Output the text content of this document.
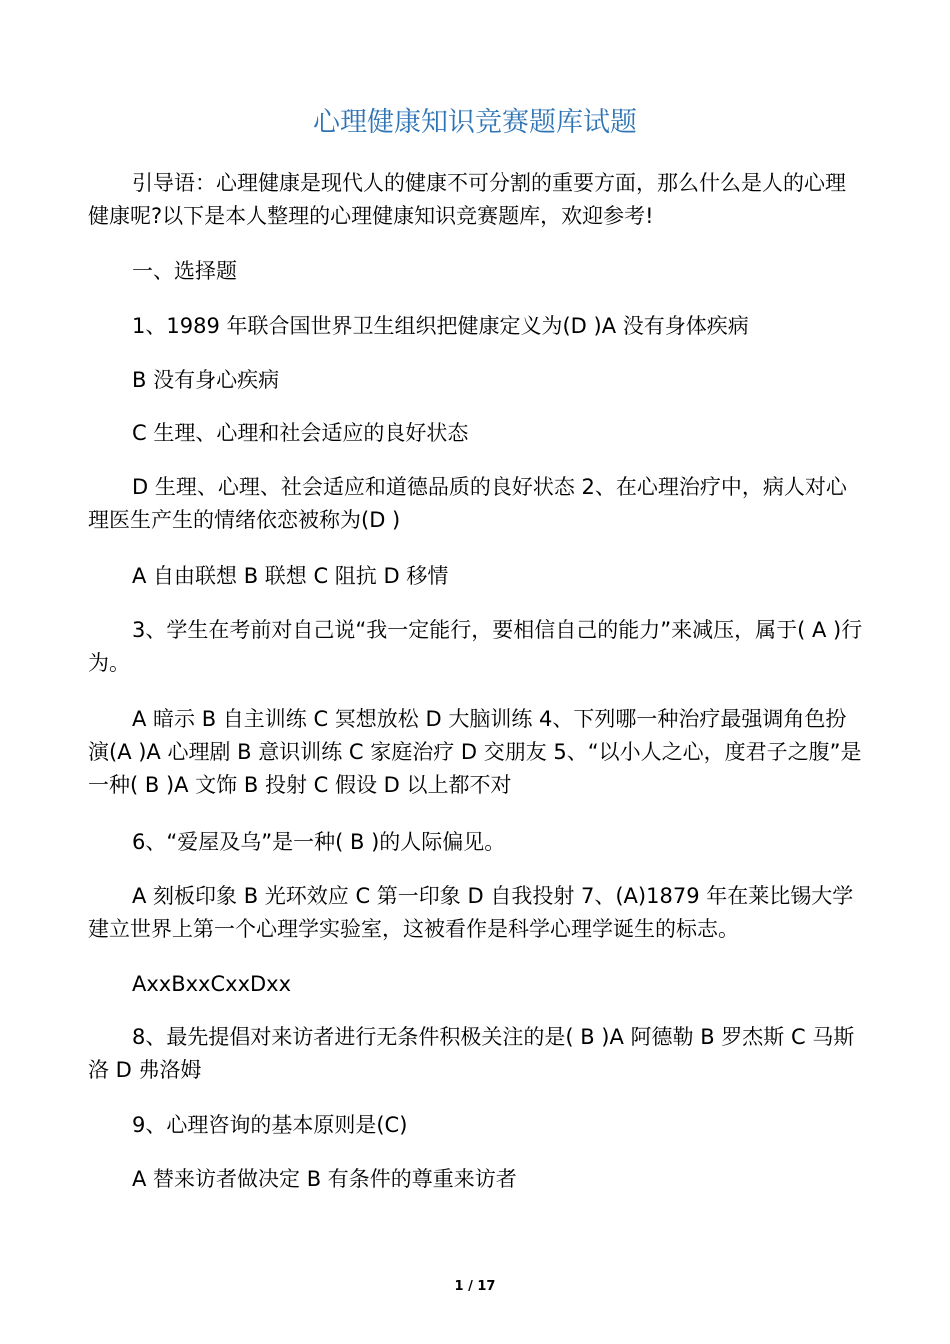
心理健康知识竞赛题库试题
引导语：心理健康是现代人的健康不可分割的重要方面，那么什么是人的心理健康呢?以下是本人整理的心理健康知识竞赛题库，欢迎参考!
一、选择题
1、1989 年联合国世界卫生组织把健康定义为(D )A 没有身体疾病
B 没有身心疾病
C 生理、心理和社会适应的良好状态
D 生理、心理、社会适应和道德品质的良好状态 2、在心理治疗中，病人对心理医生产生的情绪依恋被称为(D )
A 自由联想 B 联想 C 阻抗 D 移情
3、学生在考前对自己说“我一定能行，要相信自己的能力”来减压，属于( A )行为。
A 暗示 B 自主训练 C 冥想放松 D 大脑训练 4、下列哪一种治疗最强调角色扮演(A )A 心理剧 B 意识训练 C 家庭治疗 D 交朋友 5、“以小人之心，度君子之腹”是一种( B )A 文饰 B 投射 C 假设 D 以上都不对
6、“爱屋及乌”是一种( B )的人际偏见。
A 刻板印象 B 光环效应 C 第一印象 D 自我投射 7、(A)1879 年在莱比锡大学建立世界上第一个心理学实验室，这被看作是科学心理学诞生的标志。
AxxBxxCxxDxx
8、最先提倡对来访者进行无条件积极关注的是( B )A 阿德勒 B 罗杰斯 C 马斯洛 D 弗洛姆
9、心理咨询的基本原则是(C)
A 替来访者做决定 B 有条件的尊重来访者
1 / 17
